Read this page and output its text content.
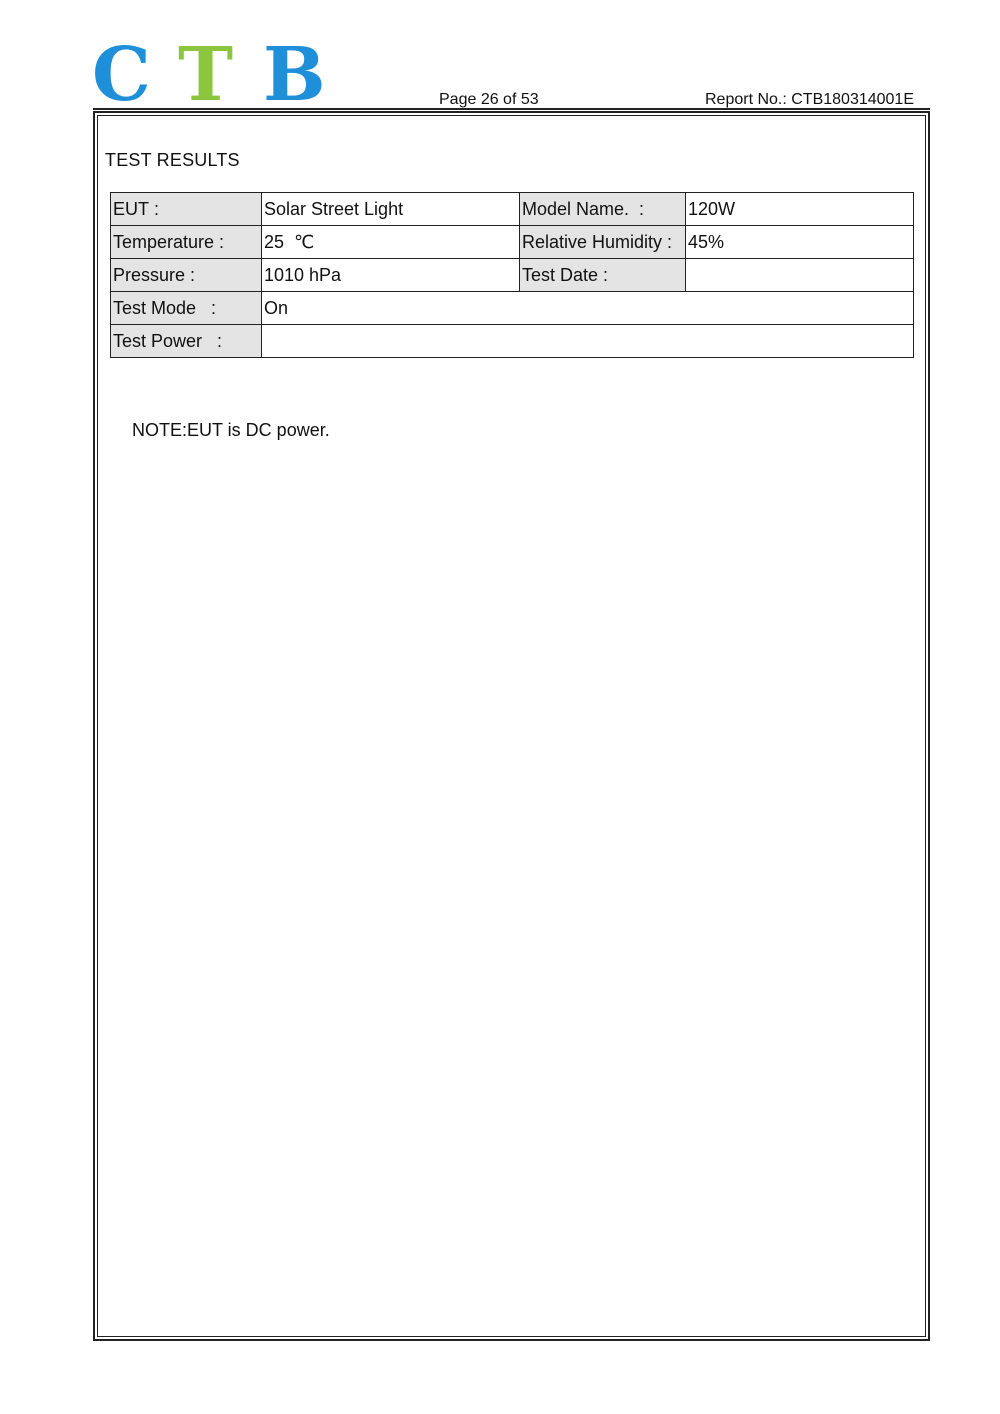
C T B	Page 26 of 53	Report No.: CTB180314001E
TEST RESULTS
EUT :	Solar Street Light	Model Name.  :	120W
Temperature :	25  ℃	Relative Humidity :	45%
Pressure :	1010 hPa	Test Date :	
Test Mode   :	On		
Test Power   :			
NOTE:EUT is DC power.
